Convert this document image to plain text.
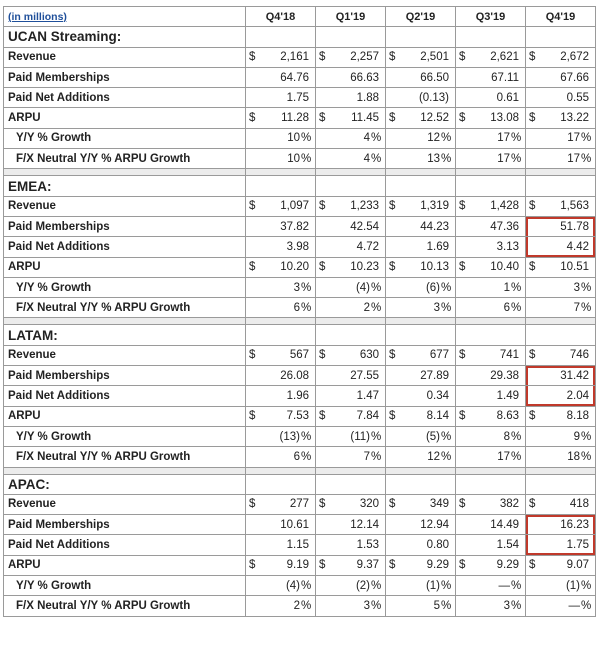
(in millions)	Q4'18	Q1'19	Q2'19	Q3'19	Q4'19
UCAN Streaming:					
Revenue	$ 2,161	$ 2,257	$ 2,501	$ 2,621	$ 2,672
Paid Memberships	64.76	66.63	66.50	67.11	67.66
Paid Net Additions	1.75	1.88	(0.13)	0.61	0.55
ARPU	$ 11.28	$ 11.45	$ 12.52	$ 13.08	$ 13.22
Y/Y % Growth	10%	4%	12%	17%	17%
F/X Neutral Y/Y % ARPU Growth	10%	4%	13%	17%	17%

EMEA:					
Revenue	$ 1,097	$ 1,233	$ 1,319	$ 1,428	$ 1,563
Paid Memberships	37.82	42.54	44.23	47.36	51.78
Paid Net Additions	3.98	4.72	1.69	3.13	4.42
ARPU	$ 10.20	$ 10.23	$ 10.13	$ 10.40	$ 10.51
Y/Y % Growth	3%	(4)%	(6)%	1%	3%
F/X Neutral Y/Y % ARPU Growth	6%	2%	3%	6%	7%

LATAM:					
Revenue	$ 567	$ 630	$ 677	$ 741	$ 746
Paid Memberships	26.08	27.55	27.89	29.38	31.42
Paid Net Additions	1.96	1.47	0.34	1.49	2.04
ARPU	$ 7.53	$ 7.84	$ 8.14	$ 8.63	$ 8.18
Y/Y % Growth	(13)%	(11)%	(5)%	8%	9%
F/X Neutral Y/Y % ARPU Growth	6%	7%	12%	17%	18%

APAC:					
Revenue	$ 277	$ 320	$ 349	$ 382	$ 418
Paid Memberships	10.61	12.14	12.94	14.49	16.23
Paid Net Additions	1.15	1.53	0.80	1.54	1.75
ARPU	$ 9.19	$ 9.37	$ 9.29	$ 9.29	$ 9.07
Y/Y % Growth	(4)%	(2)%	(1)%	—%	(1)%
F/X Neutral Y/Y % ARPU Growth	2%	3%	5%	3%	—%
